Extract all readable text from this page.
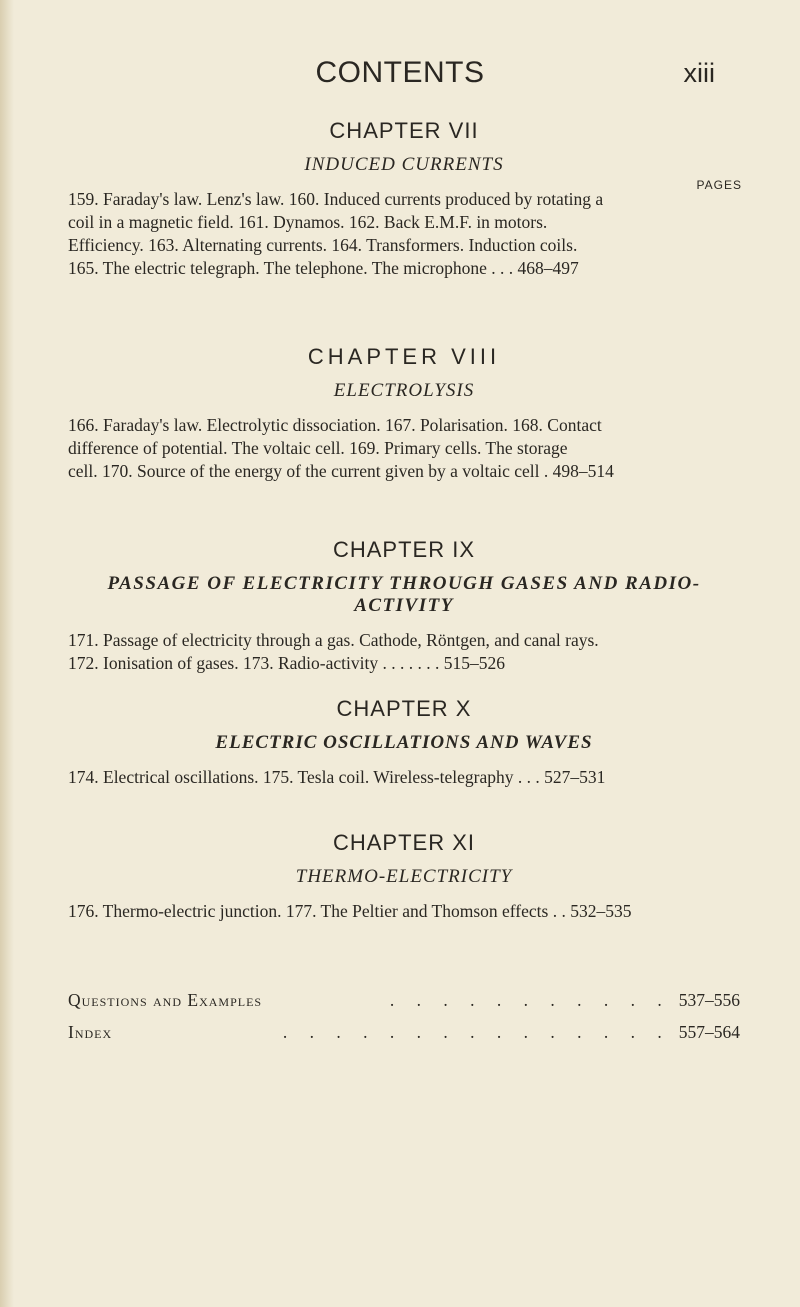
CONTENTS	xiii
CHAPTER VII
INDUCED CURRENTS
PAGES
159. Faraday's law. Lenz's law. 160. Induced currents produced by rotating a
coil in a magnetic field. 161. Dynamos. 162. Back E.M.F. in motors.
Efficiency. 163. Alternating currents. 164. Transformers. Induction coils.
165. The electric telegraph. The telephone. The microphone . . . 468–497
CHAPTER VIII
ELECTROLYSIS
166. Faraday's law. Electrolytic dissociation. 167. Polarisation. 168. Contact
difference of potential. The voltaic cell. 169. Primary cells. The storage
cell. 170. Source of the energy of the current given by a voltaic cell . 498–514
CHAPTER IX
PASSAGE OF ELECTRICITY THROUGH GASES AND RADIO-ACTIVITY
171. Passage of electricity through a gas. Cathode, Röntgen, and canal rays.
172. Ionisation of gases. 173. Radio-activity . . . . . . . 515–526
CHAPTER X
ELECTRIC OSCILLATIONS AND WAVES
174. Electrical oscillations. 175. Tesla coil. Wireless-telegraphy . . . 527–531
CHAPTER XI
THERMO-ELECTRICITY
176. Thermo-electric junction. 177. The Peltier and Thomson effects . . 532–535
Questions and Examples	. . . . . . . . . . . 537–556
Index	. . . . . . . . . . . . . . . 557–564
